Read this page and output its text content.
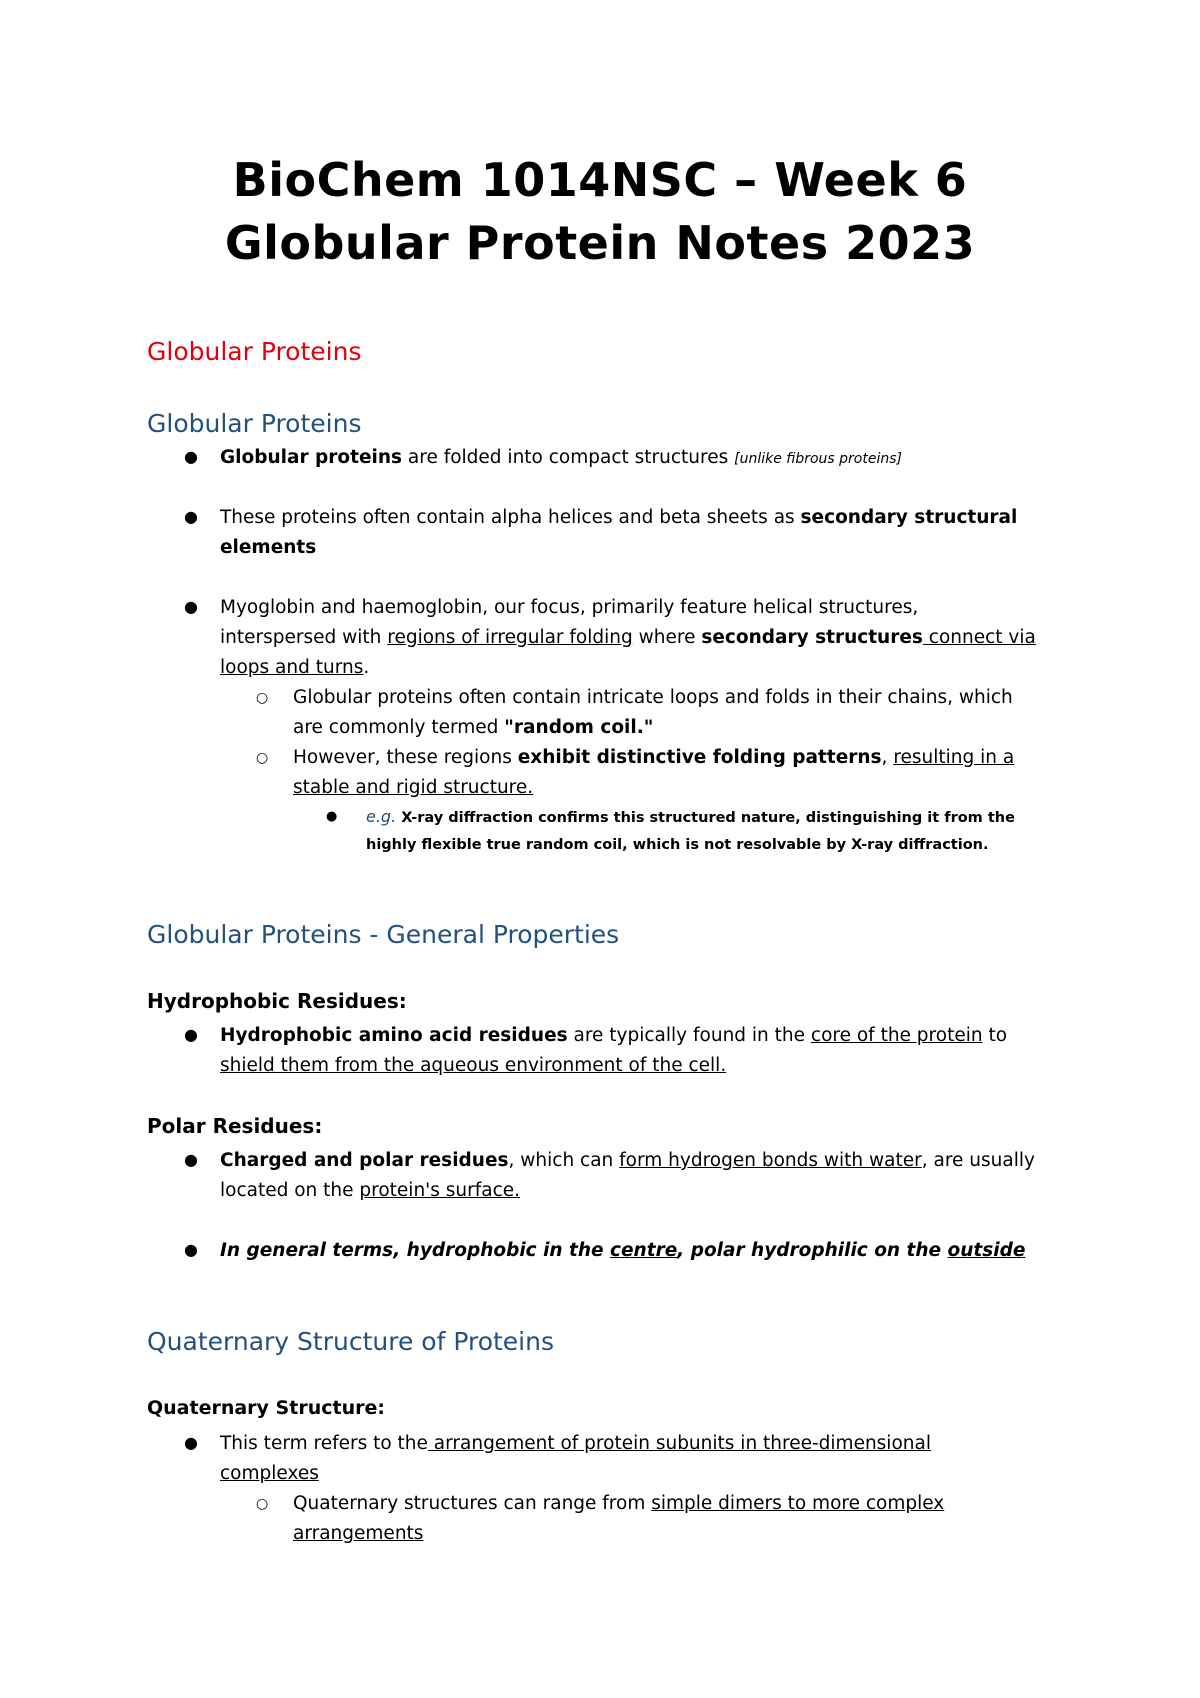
BioChem 1014NSC – Week 6
Globular Protein Notes 2023
Globular Proteins
Globular Proteins
● Globular proteins are folded into compact structures [unlike fibrous proteins]
● These proteins often contain alpha helices and beta sheets as secondary structural
elements
● Myoglobin and haemoglobin, our focus, primarily feature helical structures,
interspersed with regions of irregular folding where secondary structures connect via
loops and turns.
○ Globular proteins often contain intricate loops and folds in their chains, which
are commonly termed "random coil."
○ However, these regions exhibit distinctive folding patterns, resulting in a
stable and rigid structure.
● e.g. X-ray diffraction confirms this structured nature, distinguishing it from the
highly flexible true random coil, which is not resolvable by X-ray diffraction.
Globular Proteins - General Properties
Hydrophobic Residues:
● Hydrophobic amino acid residues are typically found in the core of the protein to
shield them from the aqueous environment of the cell.
Polar Residues:
● Charged and polar residues, which can form hydrogen bonds with water, are usually
located on the protein's surface.
● In general terms, hydrophobic in the centre, polar hydrophilic on the outside
Quaternary Structure of Proteins
Quaternary Structure:
● This term refers to the arrangement of protein subunits in three-dimensional
complexes
○ Quaternary structures can range from simple dimers to more complex
arrangements
